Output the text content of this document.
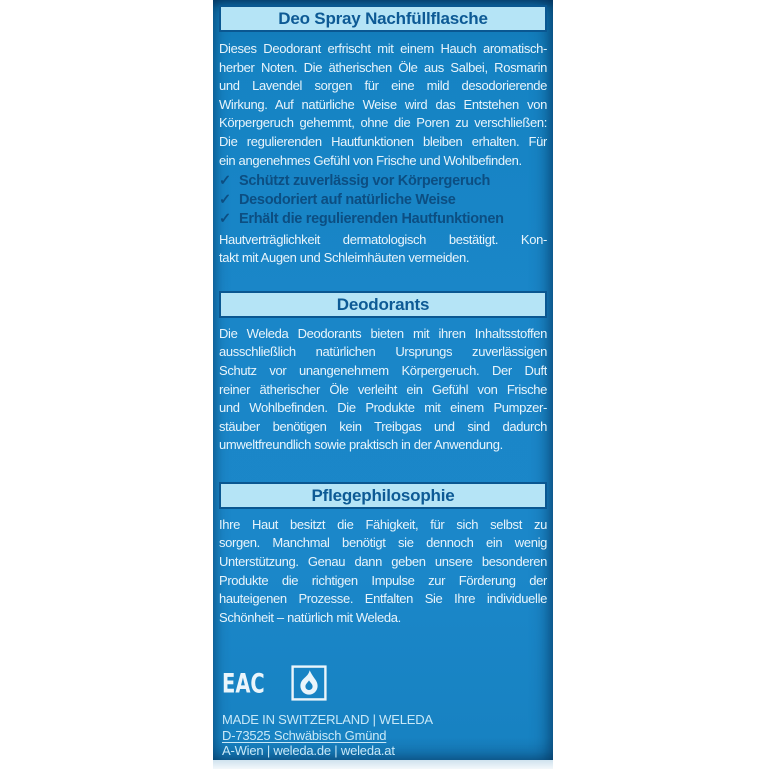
Deo Spray Nachfüllflasche
Dieses Deodorant erfrischt mit einem Hauch aromatisch-
herber Noten. Die ätherischen Öle aus Salbei, Rosmarin
und Lavendel sorgen für eine mild desodorierende
Wirkung. Auf natürliche Weise wird das Entstehen von
Körpergeruch gehemmt, ohne die Poren zu verschließen:
Die regulierenden Hautfunktionen bleiben erhalten. Für
ein angenehmes Gefühl von Frische und Wohlbefinden.
✓ Schützt zuverlässig vor Körpergeruch
✓ Desodoriert auf natürliche Weise
✓ Erhält die regulierenden Hautfunktionen
Hautverträglichkeit dermatologisch bestätigt. Kon-
takt mit Augen und Schleimhäuten vermeiden.
Deodorants
Die Weleda Deodorants bieten mit ihren Inhaltsstoffen
ausschließlich natürlichen Ursprungs zuverlässigen
Schutz vor unangenehmem Körpergeruch. Der Duft
reiner ätherischer Öle verleiht ein Gefühl von Frische
und Wohlbefinden. Die Produkte mit einem Pumpzer-
stäuber benötigen kein Treibgas und sind dadurch
umweltfreundlich sowie praktisch in der Anwendung.
Pflegephilosophie
Ihre Haut besitzt die Fähigkeit, für sich selbst zu
sorgen. Manchmal benötigt sie dennoch ein wenig
Unterstützung. Genau dann geben unsere besonderen
Produkte die richtigen Impulse zur Förderung der
hauteigenen Prozesse. Entfalten Sie Ihre individuelle
Schönheit – natürlich mit Weleda.
EAC
MADE IN SWITZERLAND | WELEDA
D-73525 Schwäbisch Gmünd
A-Wien | weleda.de | weleda.at
